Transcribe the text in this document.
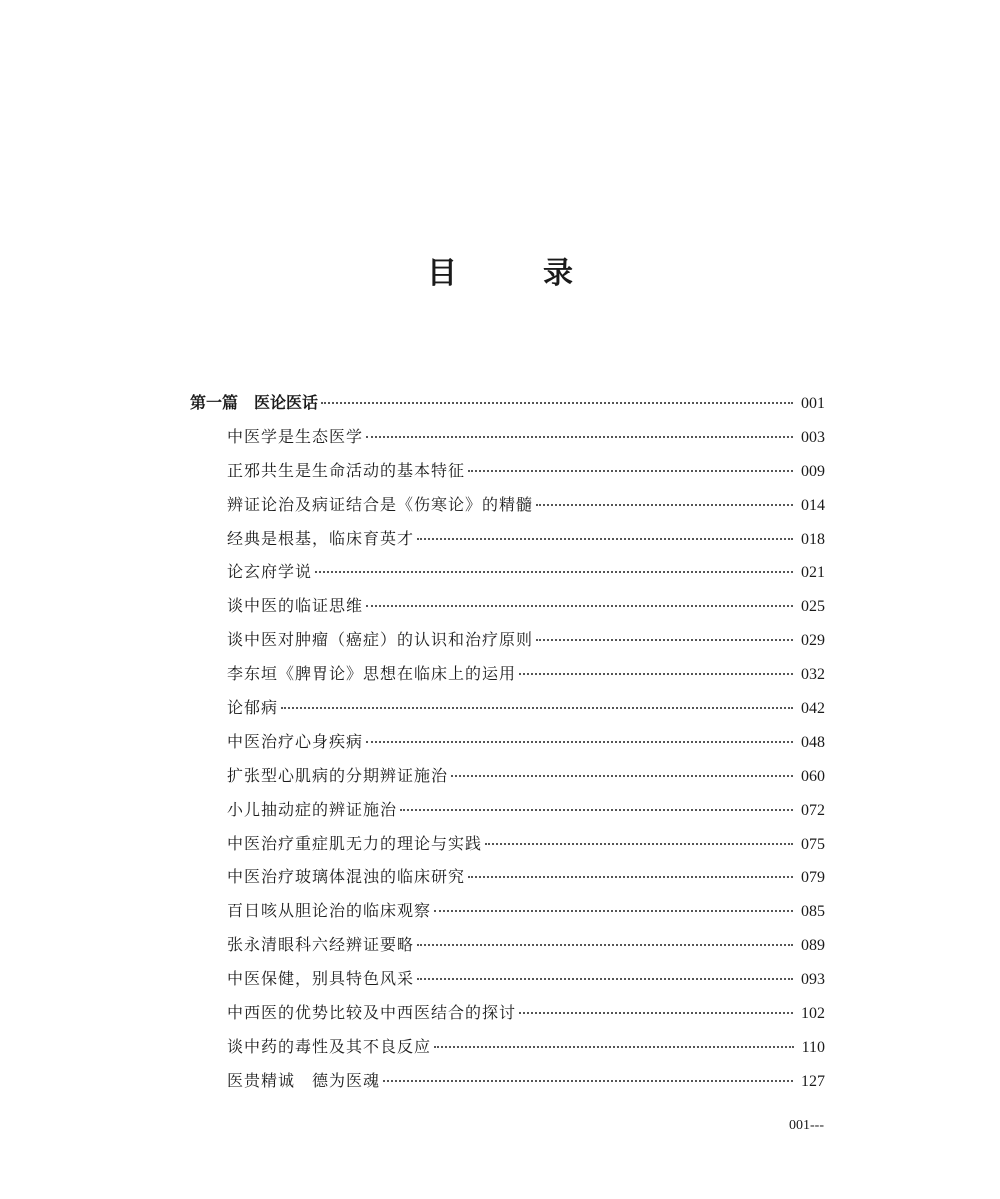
目　录
第一篇　医论医话	001
中医学是生态医学	003
正邪共生是生命活动的基本特征	009
辨证论治及病证结合是《伤寒论》的精髓	014
经典是根基，临床育英才	018
论玄府学说	021
谈中医的临证思维	025
谈中医对肿瘤（癌症）的认识和治疗原则	029
李东垣《脾胃论》思想在临床上的运用	032
论郁病	042
中医治疗心身疾病	048
扩张型心肌病的分期辨证施治	060
小儿抽动症的辨证施治	072
中医治疗重症肌无力的理论与实践	075
中医治疗玻璃体混浊的临床研究	079
百日咳从胆论治的临床观察	085
张永清眼科六经辨证要略	089
中医保健，别具特色风采	093
中西医的优势比较及中西医结合的探讨	102
谈中药的毒性及其不良反应	110
医贵精诚　德为医魂	127
001---
